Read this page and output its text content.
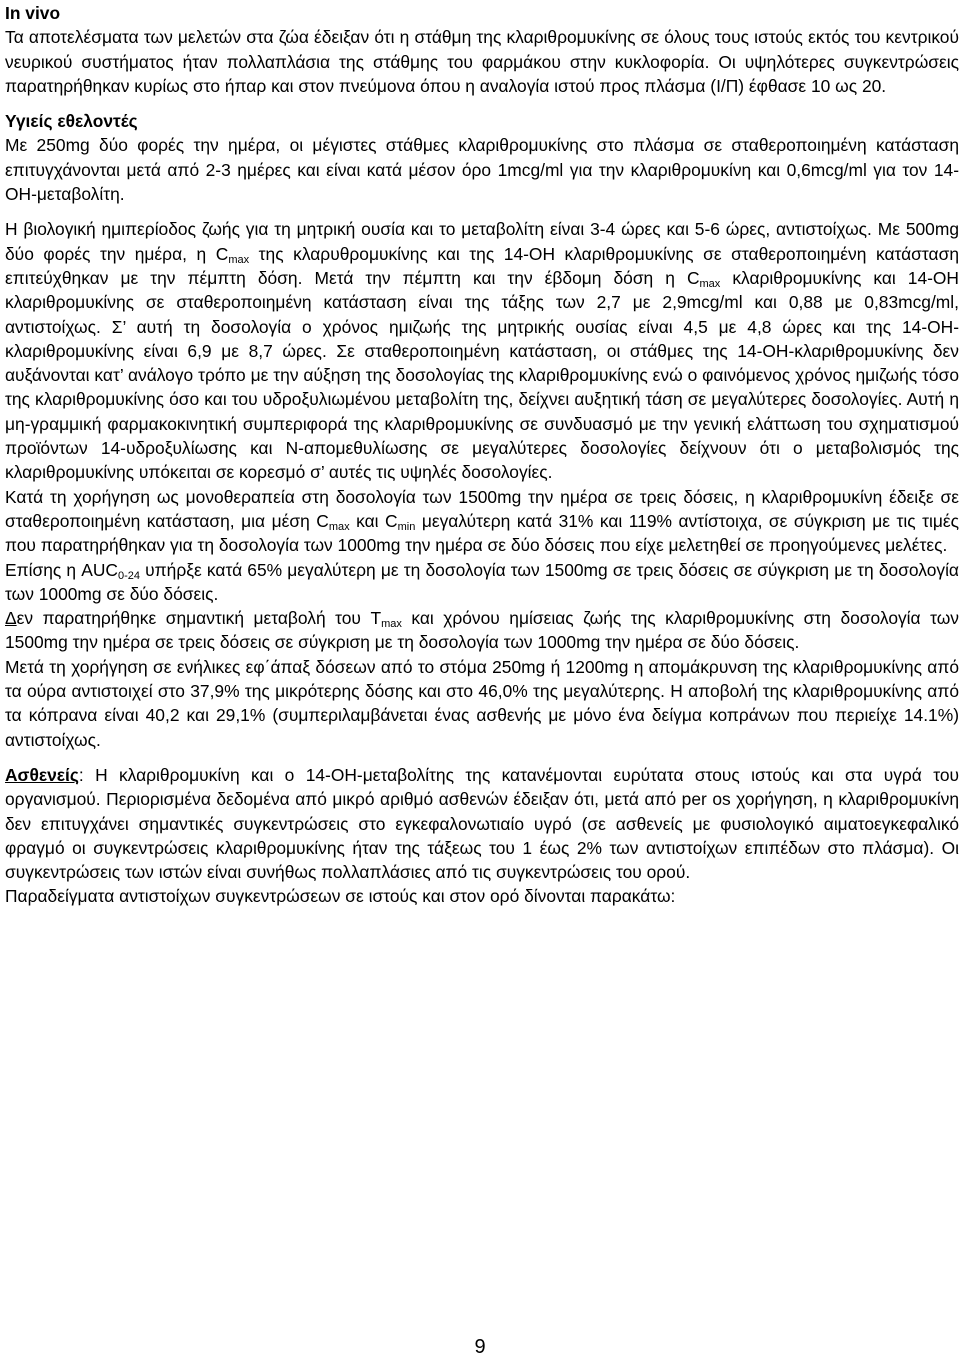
In vivo

Τα αποτελέσματα των μελετών στα ζώα έδειξαν ότι η στάθμη της κλαριθρομυκίνης σε όλους τους ιστούς εκτός του κεντρικού νευρικού συστήματος ήταν πολλαπλάσια της στάθμης του φαρμάκου στην κυκλοφορία. Οι υψηλότερες συγκεντρώσεις παρατηρήθηκαν κυρίως στο ήπαρ και στον πνεύμονα όπου η αναλογία ιστού προς πλάσμα (Ι/Π) έφθασε 10 ως 20.

Υγιείς εθελοντές

Με 250mg δύο φορές την ημέρα, οι μέγιστες στάθμες κλαριθρομυκίνης στο πλάσμα σε σταθεροποιημένη κατάσταση επιτυγχάνονται μετά από 2-3 ημέρες και είναι κατά μέσον όρο 1mcg/ml για την κλαριθρομυκίνη και 0,6mcg/ml για τον 14-ΟΗ-μεταβολίτη.

Η βιολογική ημιπερίοδος ζωής για τη μητρική ουσία και το μεταβολίτη είναι 3-4 ώρες και 5-6 ώρες, αντιστοίχως. Με 500mg δύο φορές την ημέρα, η $C_{max}$ της κλαρυθρομυκίνης και της 14-ΟΗ κλαριθρομυκίνης σε σταθεροποιημένη κατάσταση επιτεύχθηκαν με την πέμπτη δόση. Μετά την πέμπτη και την έβδομη δόση η $C_{max}$ κλαριθρομυκίνης και 14-ΟΗ κλαριθρομυκίνης σε σταθεροποιημένη κατάσταση είναι της τάξης των 2,7 με 2,9mcg/ml και 0,88 με 0,83mcg/ml, αντιστοίχως. Σ’ αυτή τη δοσολογία ο χρόνος ημιζωής της μητρικής ουσίας είναι 4,5 με 4,8 ώρες και της 14-ΟΗ-κλαριθρομυκίνης είναι 6,9 με 8,7 ώρες. Σε σταθεροποιημένη κατάσταση, οι στάθμες της 14-ΟΗ-κλαριθρομυκίνης δεν αυξάνονται κατ’ ανάλογο τρόπο με την αύξηση της δοσολογίας της κλαριθρομυκίνης ενώ ο φαινόμενος χρόνος ημιζωής τόσο της κλαριθρομυκίνης όσο και του υδροξυλιωμένου μεταβολίτη της, δείχνει αυξητική τάση σε μεγαλύτερες δοσολογίες. Αυτή η μη-γραμμική φαρμακοκινητική συμπεριφορά της κλαριθρομυκίνης σε συνδυασμό με την γενική ελάττωση του σχηματισμού προϊόντων 14-υδροξυλίωσης και Ν-απομεθυλίωσης σε μεγαλύτερες δοσολογίες δείχνουν ότι ο μεταβολισμός της κλαριθρομυκίνης υπόκειται σε κορεσμό σ’ αυτές τις υψηλές δοσολογίες.

Κατά τη χορήγηση ως μονοθεραπεία στη δοσολογία των 1500mg την ημέρα σε τρεις δόσεις, η κλαριθρομυκίνη έδειξε σε σταθεροποιημένη κατάσταση, μια μέση $C_{max}$ και $C_{min}$ μεγαλύτερη κατά 31% και 119% αντίστοιχα, σε σύγκριση με τις τιμές που παρατηρήθηκαν για τη δοσολογία των 1000mg την ημέρα σε δύο δόσεις που είχε μελετηθεί σε προηγούμενες μελέτες.

Επίσης η $AUC_{0-24}$ υπήρξε κατά 65% μεγαλύτερη με τη δοσολογία των 1500mg σε τρεις δόσεις σε σύγκριση με τη δοσολογία των 1000mg σε δύο δόσεις.

Δεν παρατηρήθηκε σημαντική μεταβολή του $T_{max}$ και χρόνου ημίσειας ζωής της κλαριθρομυκίνης στη δοσολογία των 1500mg την ημέρα σε τρεις δόσεις σε σύγκριση με τη δοσολογία των 1000mg την ημέρα σε δύο δόσεις.

Μετά τη χορήγηση σε ενήλικες εφ΄άπαξ δόσεων από το στόμα 250mg ή 1200mg η απομάκρυνση της κλαριθρομυκίνης από τα ούρα αντιστοιχεί στο 37,9% της μικρότερης δόσης και στο 46,0% της μεγαλύτερης. Η αποβολή της κλαριθρομυκίνης από τα κόπρανα είναι 40,2 και 29,1% (συμπεριλαμβάνεται ένας ασθενής με μόνο ένα δείγμα κοπράνων που περιείχε 14.1%) αντιστοίχως.

Ασθενείς: Η κλαριθρομυκίνη και ο 14-ΟΗ-μεταβολίτης της κατανέμονται ευρύτατα στους ιστούς και στα υγρά του οργανισμού. Περιορισμένα δεδομένα από μικρό αριθμό ασθενών έδειξαν ότι, μετά από per os χορήγηση, η κλαριθρομυκίνη δεν επιτυγχάνει σημαντικές συγκεντρώσεις στο εγκεφαλονωτιαίο υγρό (σε ασθενείς με φυσιολογικό αιματοεγκεφαλικό φραγμό οι συγκεντρώσεις κλαριθρομυκίνης ήταν της τάξεως του 1 έως 2% των αντιστοίχων επιπέδων στο πλάσμα). Οι συγκεντρώσεις των ιστών είναι συνήθως πολλαπλάσιες από τις συγκεντρώσεις του ορού.

Παραδείγματα αντιστοίχων συγκεντρώσεων σε ιστούς και στον ορό δίνονται παρακάτω:

9
